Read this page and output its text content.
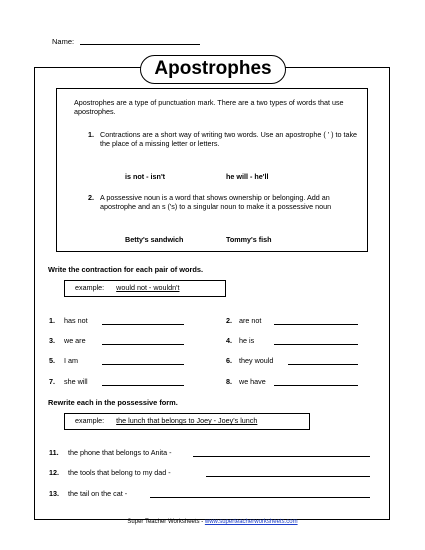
Name:
Apostrophes
Apostrophes are a type of punctuation mark. There are a two types of words that use apostrophes.
1. Contractions are a short way of writing two words. Use an apostrophe ( ' ) to take the place of a missing letter or letters.
is not - isn't	he will - he'll
2. A possessive noun is a word that shows ownership or belonging. Add an apostrophe and an s ('s) to a singular noun to make it a possessive noun
Betty's sandwich	Tommy's fish
Write the contraction for each pair of words.
example: would not - wouldn't
1. has not	2. are not
3. we are	4. he is
5. I am	6. they would
7. she will	8. we have
Rewrite each in the possessive form.
example: the lunch that belongs to Joey - Joey's lunch
11. the phone that belongs to Anita -
12. the tools that belong to my dad -
13. the tail on the cat -
Super Teacher Worksheets - www.superteacherworksheets.com
